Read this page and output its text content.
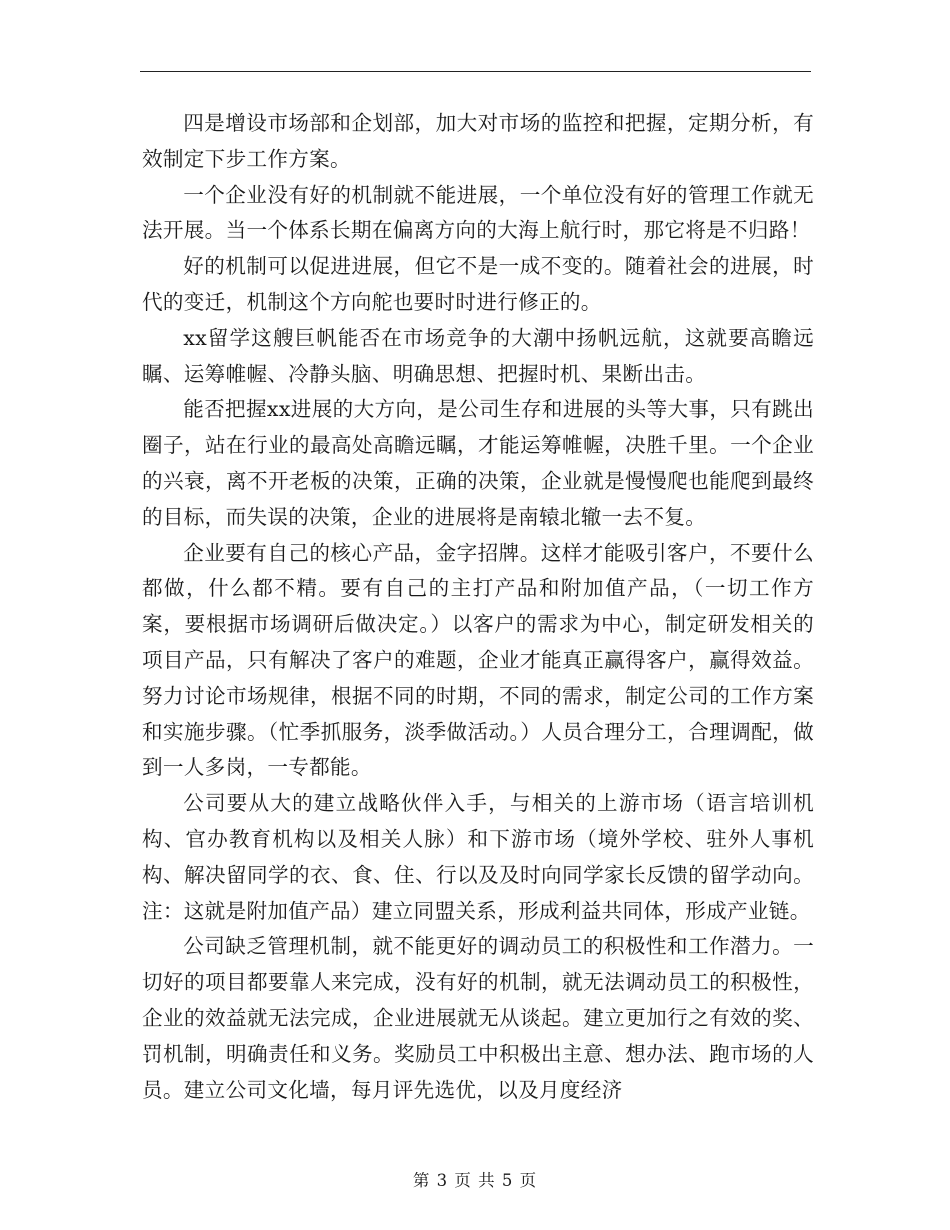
四是增设市场部和企划部，加大对市场的监控和把握，定期分析，有效制定下步工作方案。

一个企业没有好的机制就不能进展，一个单位没有好的管理工作就无法开展。当一个体系长期在偏离方向的大海上航行时，那它将是不归路！

好的机制可以促进进展，但它不是一成不变的。随着社会的进展，时代的变迁，机制这个方向舵也要时时进行修正的。

xx留学这艘巨帆能否在市场竞争的大潮中扬帆远航，这就要高瞻远瞩、运筹帷幄、冷静头脑、明确思想、把握时机、果断出击。

能否把握xx进展的大方向，是公司生存和进展的头等大事，只有跳出圈子，站在行业的最高处高瞻远瞩，才能运筹帷幄，决胜千里。一个企业的兴衰，离不开老板的决策，正确的决策，企业就是慢慢爬也能爬到最终的目标，而失误的决策，企业的进展将是南辕北辙一去不复。

企业要有自己的核心产品，金字招牌。这样才能吸引客户，不要什么都做，什么都不精。要有自己的主打产品和附加值产品，（一切工作方案，要根据市场调研后做决定。）以客户的需求为中心，制定研发相关的项目产品，只有解决了客户的难题，企业才能真正赢得客户，赢得效益。努力讨论市场规律，根据不同的时期，不同的需求，制定公司的工作方案和实施步骤。（忙季抓服务，淡季做活动。）人员合理分工，合理调配，做到一人多岗，一专都能。

公司要从大的建立战略伙伴入手，与相关的上游市场（语言培训机构、官办教育机构以及相关人脉）和下游市场（境外学校、驻外人事机构、解决留同学的衣、食、住、行以及及时向同学家长反馈的留学动向。注：这就是附加值产品）建立同盟关系，形成利益共同体，形成产业链。

公司缺乏管理机制，就不能更好的调动员工的积极性和工作潜力。一切好的项目都要靠人来完成，没有好的机制，就无法调动员工的积极性，企业的效益就无法完成，企业进展就无从谈起。建立更加行之有效的奖、罚机制，明确责任和义务。奖励员工中积极出主意、想办法、跑市场的人员。建立公司文化墙，每月评先选优，以及月度经济

第 3 页 共 5 页
